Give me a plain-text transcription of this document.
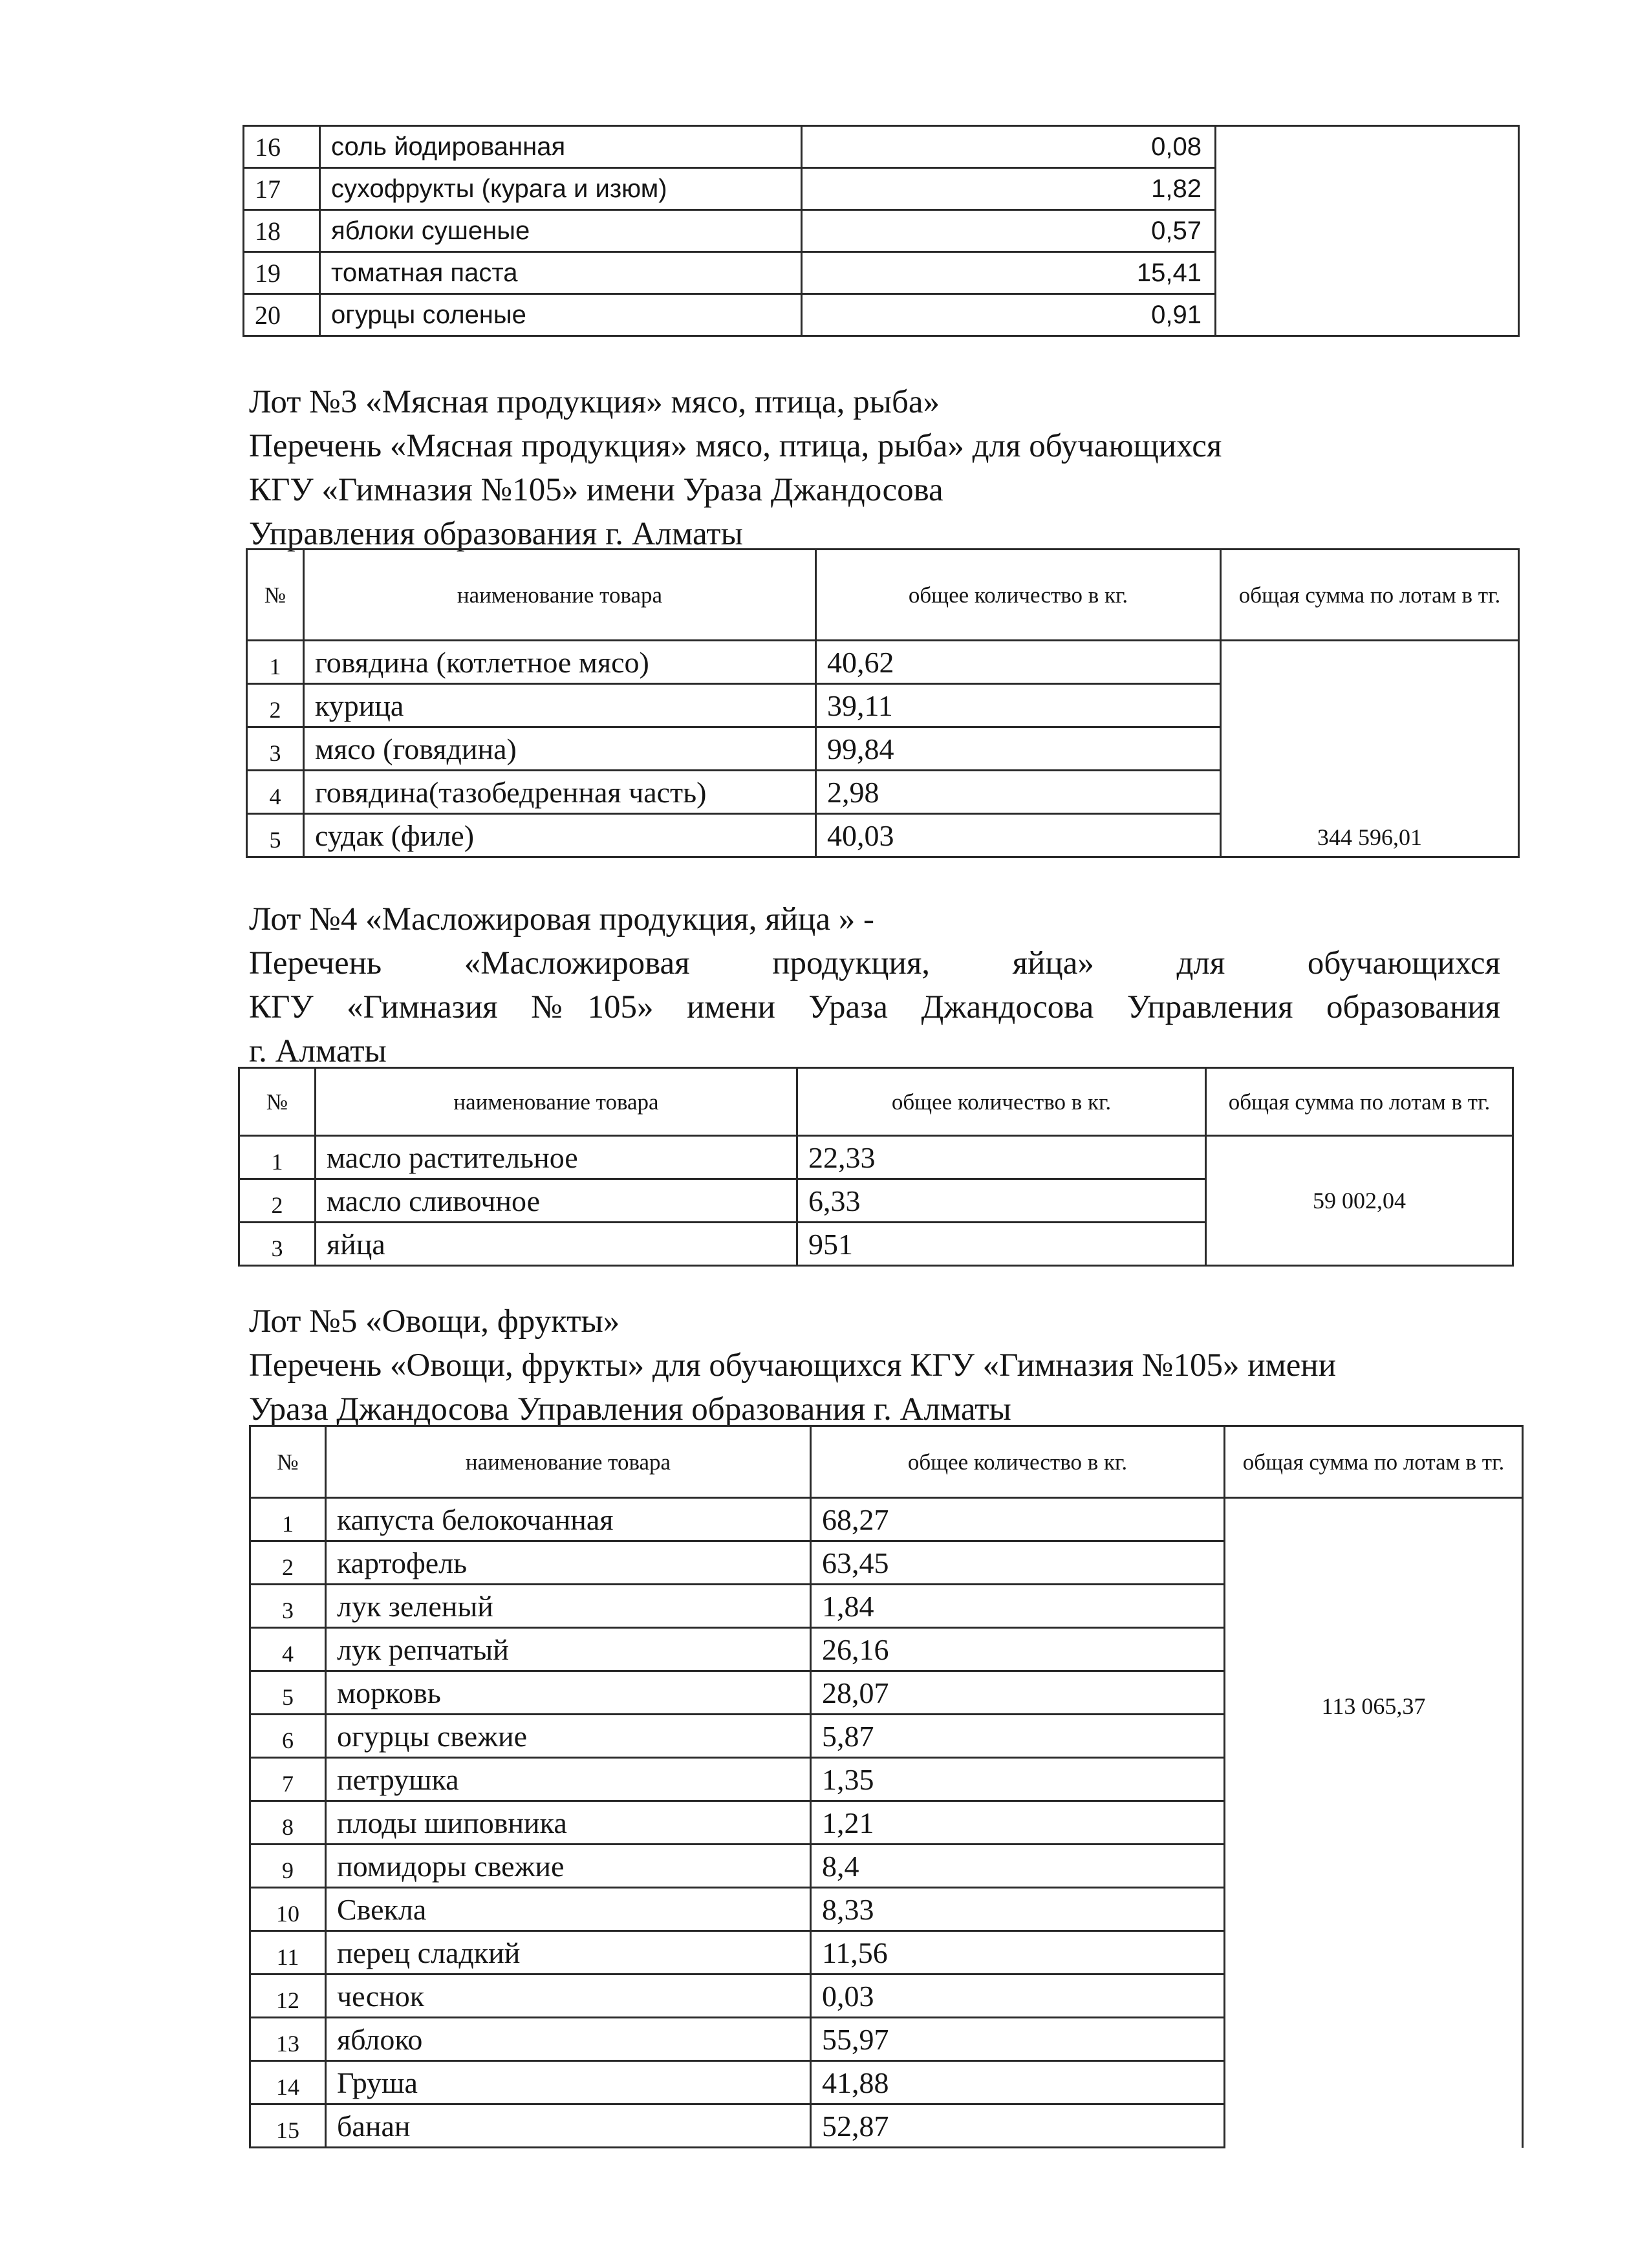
16	соль йодированная	0,08	
17	сухофрукты (курага и изюм)	1,82	
18	яблоки сушеные	0,57	
19	томатная паста	15,41	
20	огурцы соленые	0,91	
Лот №3 «Мясная продукция» мясо, птица, рыба»
Перечень «Мясная продукция» мясо, птица, рыба» для обучающихся
КГУ «Гимназия №105» имени Ураза Джандосова
Управления образования г. Алматы
№	наименование товара	общее количество в кг.	общая сумма по лотам в тг.
1	говядина (котлетное мясо)	40,62	344 596,01
2	курица	39,11	
3	мясо (говядина)	99,84	
4	говядина(тазобедренная часть)	2,98	
5	судак (филе)	40,03	
Лот №4 «Масложировая продукция, яйца » -
Перечень «Масложировая продукция, яйца» для обучающихся
КГУ «Гимназия №105» имени Ураза Джандосова Управления образования
г. Алматы
№	наименование товара	общее количество в кг.	общая сумма по лотам в тг.
1	масло растительное	22,33	59 002,04
2	масло сливочное	6,33	
3	яйца	951	
Лот №5 «Овощи, фрукты»
Перечень «Овощи, фрукты» для обучающихся КГУ «Гимназия №105» имени
Ураза Джандосова Управления образования г. Алматы
№	наименование товара	общее количество в кг.	общая сумма по лотам в тг.
1	капуста белокочанная	68,27	113 065,37
2	картофель	63,45	
3	лук зеленый	1,84	
4	лук репчатый	26,16	
5	морковь	28,07	
6	огурцы свежие	5,87	
7	петрушка	1,35	
8	плоды шиповника	1,21	
9	помидоры свежие	8,4	
10	Свекла	8,33	
11	перец сладкий	11,56	
12	чеснок	0,03	
13	яблоко	55,97	
14	Груша	41,88	
15	банан	52,87	
